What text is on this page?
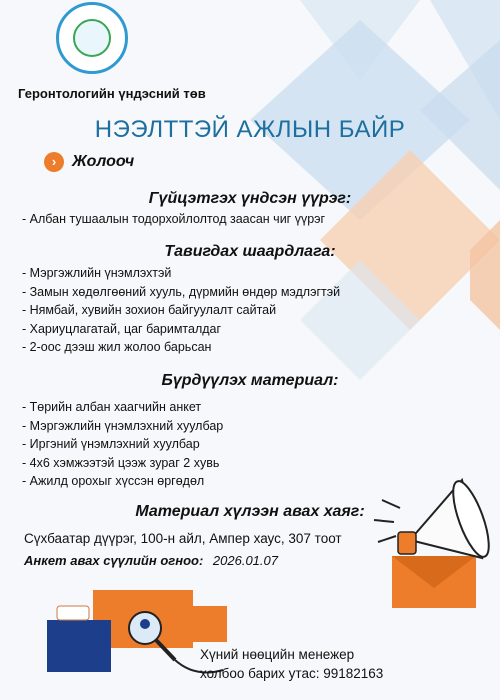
Геронтологийн үндэсний төв
НЭЭЛТТЭЙ АЖЛЫН БАЙР
› Жолооч
Гүйцэтгэх үндсэн үүрэг:
- Албан тушаалын тодорхойлолтод заасан чиг үүрэг
Тавигдах шаардлага:
- Мэргэжлийн үнэмлэхтэй
- Замын хөдөлгөөний хууль, дүрмийн өндөр мэдлэгтэй
- Нямбай, хувийн зохион байгуулалт сайтай
- Хариуцлагатай, цаг баримталдаг
- 2-оос дээш жил жолоо барьсан
Бүрдүүлэх материал:
- Төрийн албан хаагчийн анкет
- Мэргэжлийн үнэмлэхний хуулбар
- Иргэний үнэмлэхний хуулбар
- 4x6 хэмжээтэй цээж зураг 2 хувь
- Ажилд орохыг хүссэн өргөдөл
Материал хүлээн авах хаяг:
Сүхбаатар дүүрэг, 100-н айл, Ампер хаус, 307 тоот
Анкет авах сүүлийн огноо: 2026.01.07
Хүний нөөцийн менежер
холбоо барих утас: 99182163
